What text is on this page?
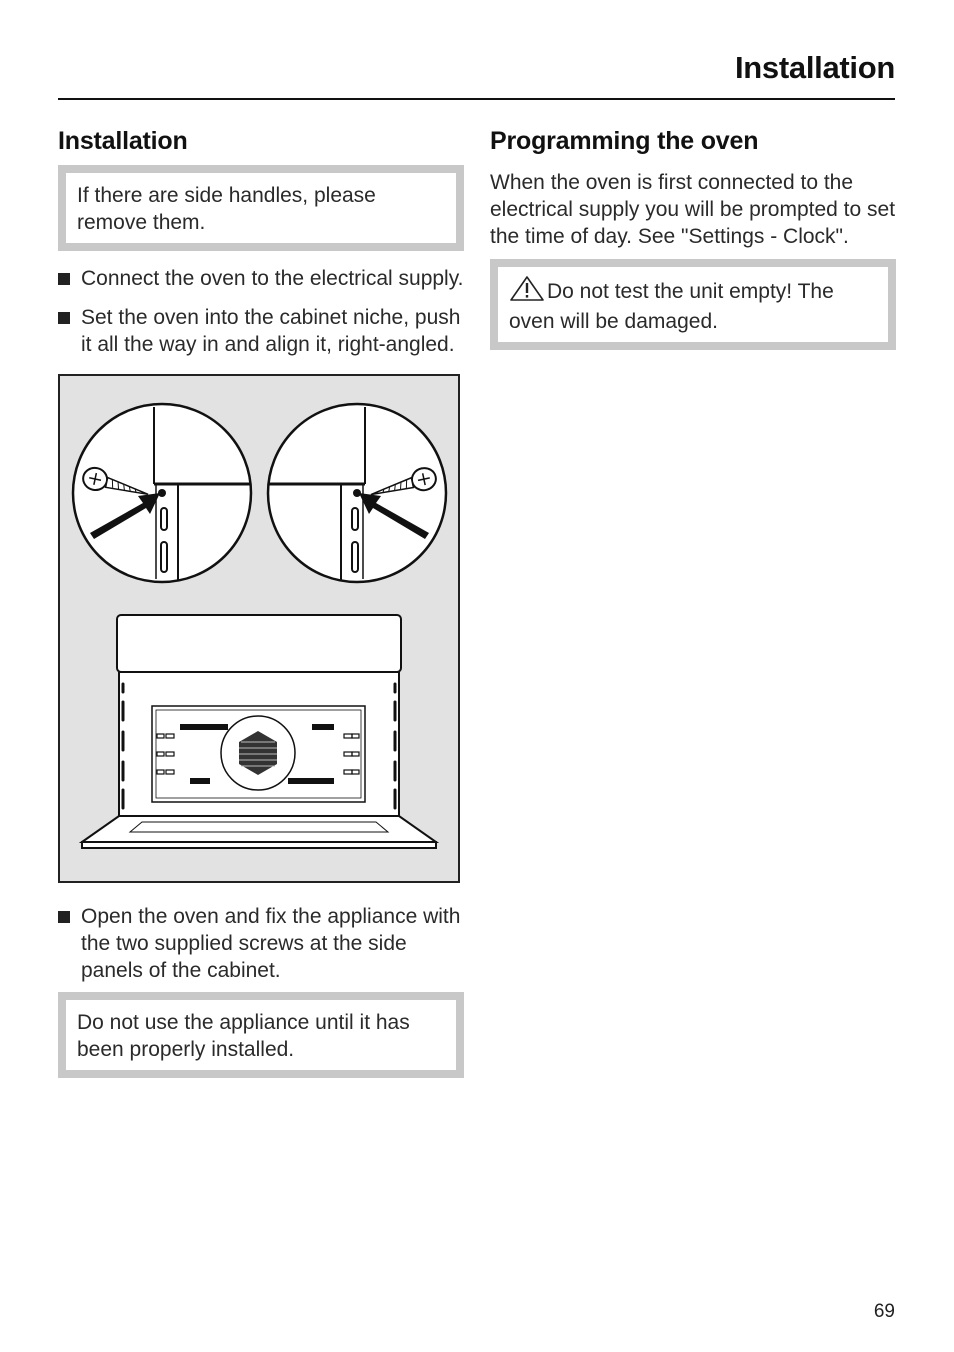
Installation
Installation
If there are side handles, please remove them.
Connect the oven to the electrical supply.
Set the oven into the cabinet niche, push it all the way in and align it, right-angled.
Open the oven and fix the appliance with the two supplied screws at the side panels of the cabinet.
Do not use the appliance until it has been properly installed.
Programming the oven

When the oven is first connected to the electrical supply you will be prompted to set the time of day. See "Settings - Clock".

Do not test the unit empty! The oven will be damaged.
69
